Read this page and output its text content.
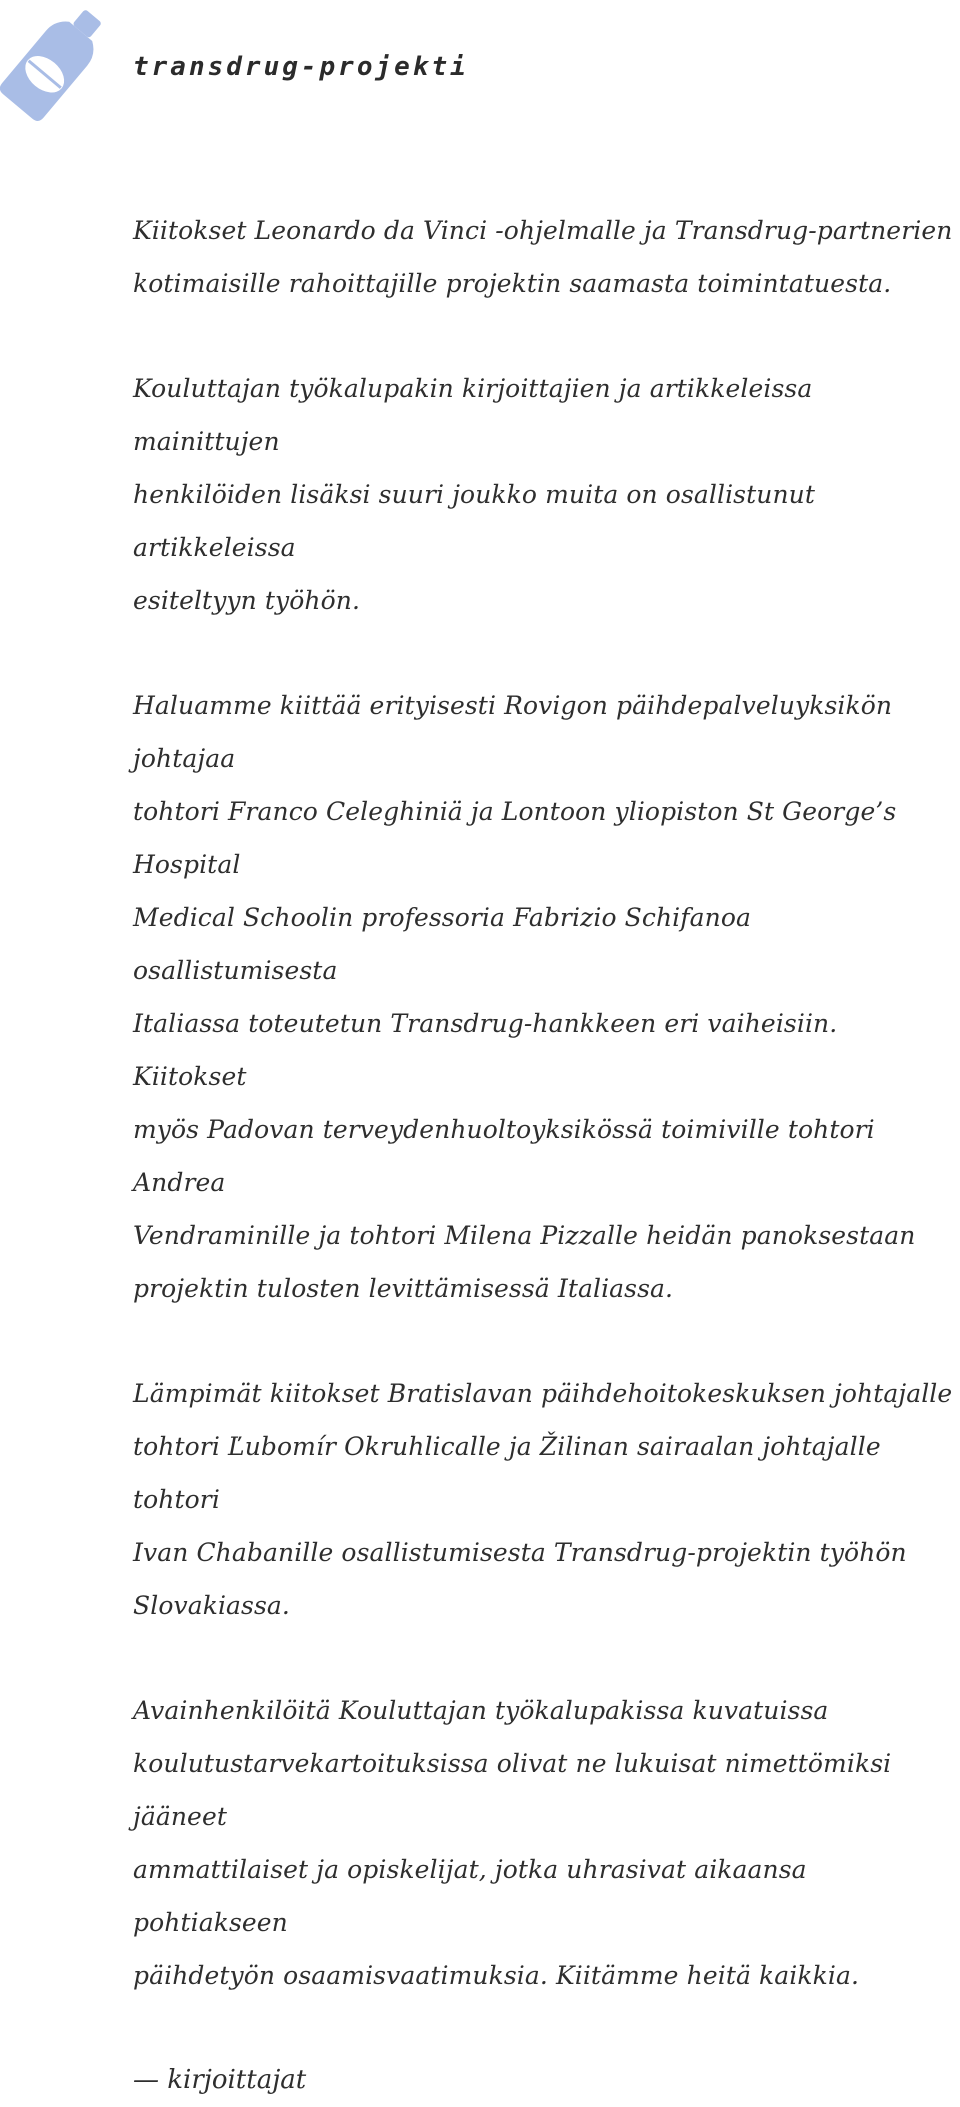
transdrug-projekti

Kiitokset Leonardo da Vinci -ohjelmalle ja Transdrug-partnerien
kotimaisille rahoittajille projektin saamasta toimintatuesta.

Kouluttajan työkalupakin kirjoittajien ja artikkeleissa mainittujen
henkilöiden lisäksi suuri joukko muita on osallistunut artikkeleissa
esiteltyyn työhön.

Haluamme kiittää erityisesti Rovigon päihdepalveluyksikön johtajaa
tohtori Franco Celeghiniä ja Lontoon yliopiston St George’s Hospital
Medical Schoolin professoria Fabrizio Schifanoa osallistumisesta
Italiassa toteutetun Transdrug-hankkeen eri vaiheisiin. Kiitokset
myös Padovan terveydenhuoltoyksikössä toimiville tohtori Andrea
Vendraminille ja tohtori Milena Pizzalle heidän panoksestaan
projektin tulosten levittämisessä Italiassa.

Lämpimät kiitokset Bratislavan päihdehoitokeskuksen johtajalle
tohtori Ľubomír Okruhlicalle ja Žilinan sairaalan johtajalle tohtori
Ivan Chabanille osallistumisesta Transdrug-projektin työhön
Slovakiassa.

Avainhenkilöitä Kouluttajan työkalupakissa kuvatuissa
koulutustarvekartoituksissa olivat ne lukuisat nimettömiksi jääneet
ammattilaiset ja opiskelijat, jotka uhrasivat aikaansa pohtiakseen
päihdetyön osaamisvaatimuksia. Kiitämme heitä kaikkia.

— kirjoittajat
